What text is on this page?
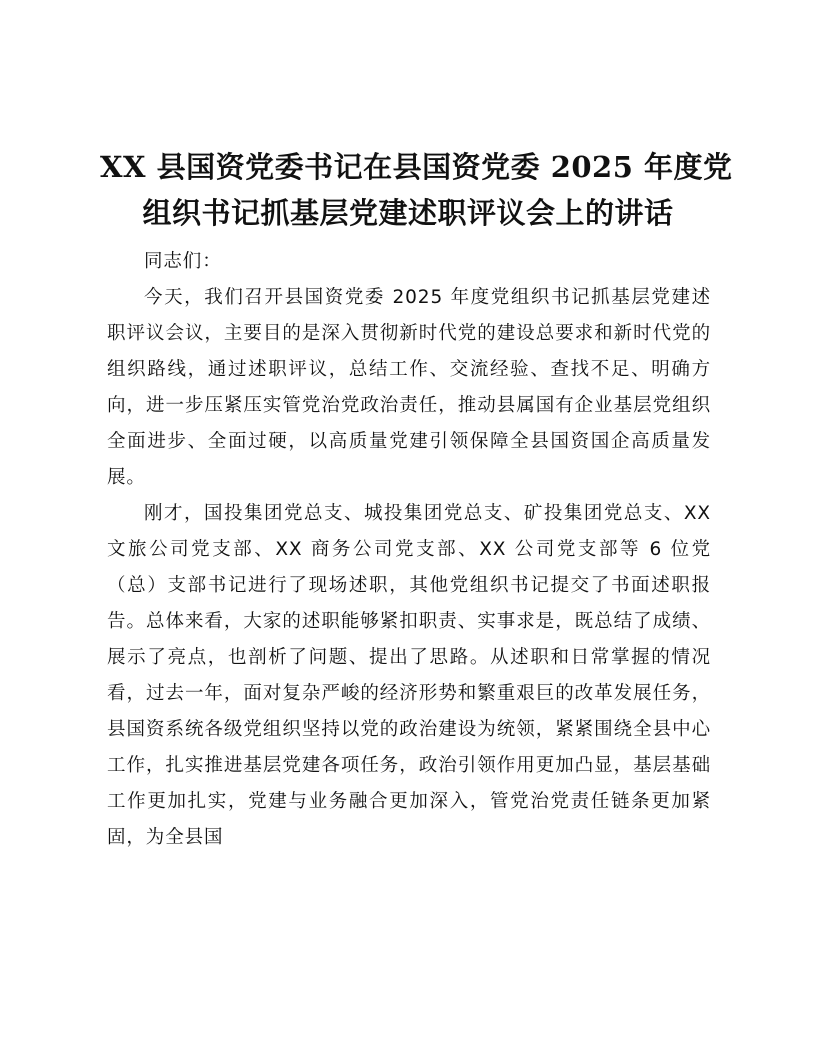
XX 县国资党委书记在县国资党委 2025 年度党
组织书记抓基层党建述职评议会上的讲话

同志们：

今天，我们召开县国资党委 2025 年度党组织书记抓基层党建述职评议会议，主要目的是深入贯彻新时代党的建设总要求和新时代党的组织路线，通过述职评议，总结工作、交流经验、查找不足、明确方向，进一步压紧压实管党治党政治责任，推动县属国有企业基层党组织全面进步、全面过硬，以高质量党建引领保障全县国资国企高质量发展。

刚才，国投集团党总支、城投集团党总支、矿投集团党总支、XX 文旅公司党支部、XX 商务公司党支部、XX 公司党支部等 6 位党（总）支部书记进行了现场述职，其他党组织书记提交了书面述职报告。总体来看，大家的述职能够紧扣职责、实事求是，既总结了成绩、展示了亮点，也剖析了问题、提出了思路。从述职和日常掌握的情况看，过去一年，面对复杂严峻的经济形势和繁重艰巨的改革发展任务，县国资系统各级党组织坚持以党的政治建设为统领，紧紧围绕全县中心工作，扎实推进基层党建各项任务，政治引领作用更加凸显，基层基础工作更加扎实，党建与业务融合更加深入，管党治党责任链条更加紧固，为全县国
